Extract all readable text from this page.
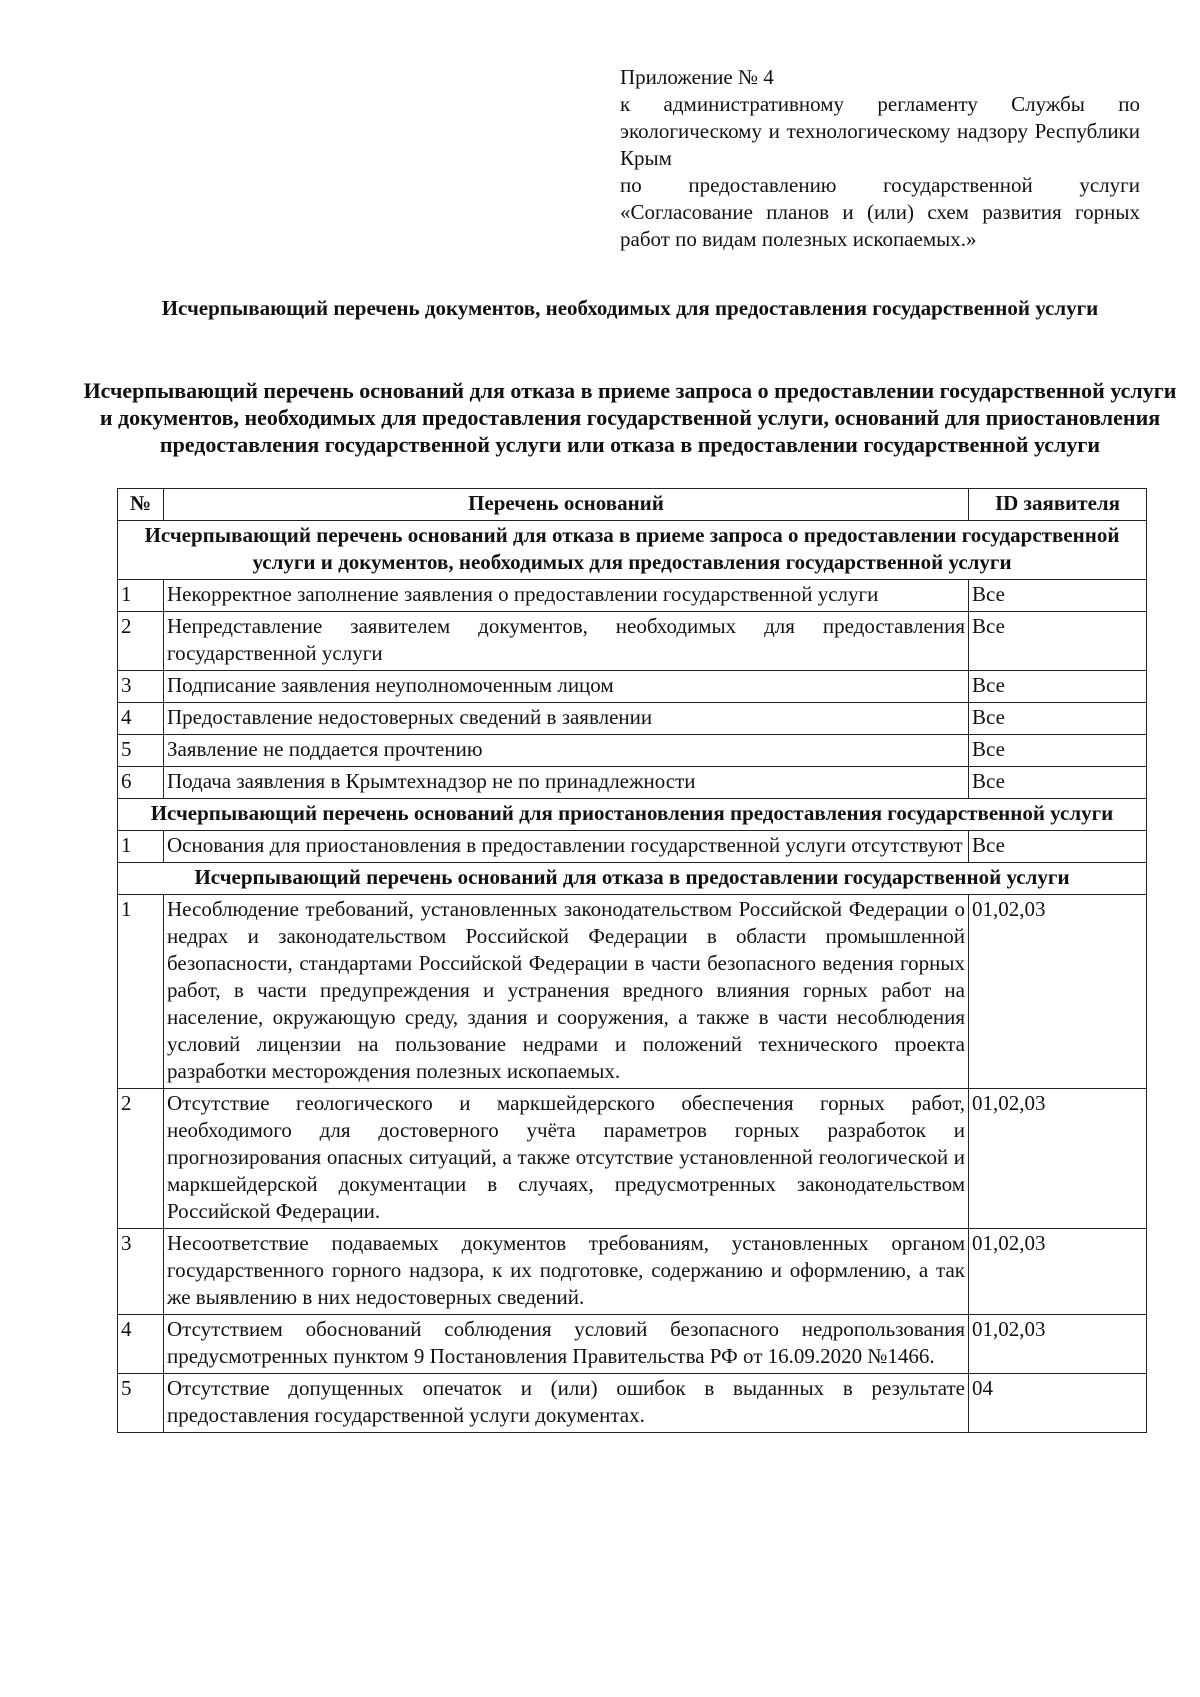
Приложение № 4
к административному регламенту Службы по экологическому и технологическому надзору Республики Крым
по предоставлению государственной услуги «Согласование планов и (или) схем развития горных работ по видам полезных ископаемых.»
Исчерпывающий перечень документов, необходимых для предоставления государственной услуги
Исчерпывающий перечень оснований для отказа в приеме запроса о предоставлении государственной услуги и документов, необходимых для предоставления государственной услуги, оснований для приостановления предоставления государственной услуги или отказа в предоставлении государственной услуги
№	Перечень оснований	ID заявителя
Исчерпывающий перечень оснований для отказа в приеме запроса о предоставлении государственной услуги и документов, необходимых для предоставления государственной услуги		
1	Некорректное заполнение заявления о предоставлении государственной услуги	Все
2	Непредставление заявителем документов, необходимых для предоставления государственной услуги	Все
3	Подписание заявления неуполномоченным лицом	Все
4	Предоставление недостоверных сведений в заявлении	Все
5	Заявление не поддается прочтению	Все
6	Подача заявления в Крымтехнадзор не по принадлежности	Все
Исчерпывающий перечень оснований для приостановления предоставления государственной услуги		
1	Основания для приостановления в предоставлении государственной услуги отсутствуют	Все
Исчерпывающий перечень оснований для отказа в предоставлении государственной услуги		
1	Несоблюдение требований, установленных законодательством Российской Федерации о недрах и законодательством Российской Федерации в области промышленной безопасности, стандартами Российской Федерации в части безопасного ведения горных работ, в части предупреждения и устранения вредного влияния горных работ на население, окружающую среду, здания и сооружения, а также в части несоблюдения условий лицензии на пользование недрами и положений технического проекта разработки месторождения полезных ископаемых.	01,02,03
2	Отсутствие геологического и маркшейдерского обеспечения горных работ, необходимого для достоверного учёта параметров горных разработок и прогнозирования опасных ситуаций, а также отсутствие установленной геологической и маркшейдерской документации в случаях, предусмотренных законодательством Российской Федерации.	01,02,03
3	Несоответствие подаваемых документов требованиям, установленных органом государственного горного надзора, к их подготовке, содержанию и оформлению, а так же выявлению в них недостоверных сведений.	01,02,03
4	Отсутствием обоснований соблюдения условий безопасного недропользования предусмотренных пунктом 9 Постановления Правительства РФ от 16.09.2020 №1466.	01,02,03
5	Отсутствие допущенных опечаток и (или) ошибок в выданных в результате предоставления государственной услуги документах.	04
